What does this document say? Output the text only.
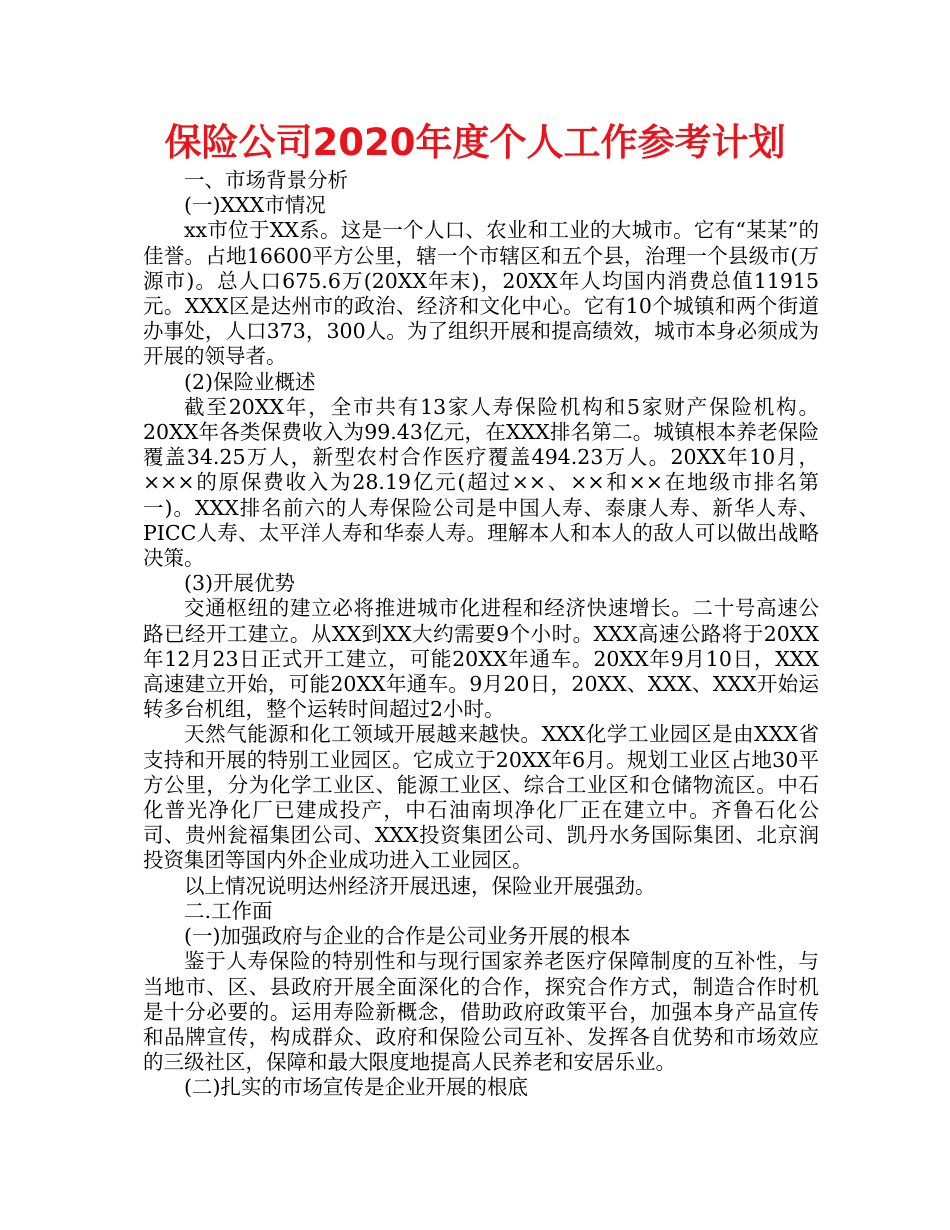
保险公司2020年度个人工作参考计划

一、市场背景分析

(一)XXX市情况

xx市位于XX系。这是一个人口、农业和工业的大城市。它有“某某”的佳誉。占地16600平方公里，辖一个市辖区和五个县，治理一个县级市(万源市)。总人口675.6万(20XX年末)，20XX年人均国内消费总值11915元。XXX区是达州市的政治、经济和文化中心。它有10个城镇和两个街道办事处，人口373，300人。为了组织开展和提高绩效，城市本身必须成为开展的领导者。

(2)保险业概述

截至20XX年，全市共有13家人寿保险机构和5家财产保险机构。20XX年各类保费收入为99.43亿元，在XXX排名第二。城镇根本养老保险覆盖34.25万人，新型农村合作医疗覆盖494.23万人。20XX年10月，×××的原保费收入为28.19亿元(超过××、××和××在地级市排名第一)。XXX排名前六的人寿保险公司是中国人寿、泰康人寿、新华人寿、PICC人寿、太平洋人寿和华泰人寿。理解本人和本人的敌人可以做出战略决策。

(3)开展优势

交通枢纽的建立必将推进城市化进程和经济快速增长。二十号高速公路已经开工建立。从XX到XX大约需要9个小时。XXX高速公路将于20XX年12月23日正式开工建立，可能20XX年通车。20XX年9月10日，XXX高速建立开始，可能20XX年通车。9月20日，20XX、XXX、XXX开始运转多台机组，整个运转时间超过2小时。

天然气能源和化工领域开展越来越快。XXX化学工业园区是由XXX省支持和开展的特别工业园区。它成立于20XX年6月。规划工业区占地30平方公里，分为化学工业区、能源工业区、综合工业区和仓储物流区。中石化普光净化厂已建成投产，中石油南坝净化厂正在建立中。齐鲁石化公司、贵州瓮福集团公司、XXX投资集团公司、凯丹水务国际集团、北京润投资集团等国内外企业成功进入工业园区。

以上情况说明达州经济开展迅速，保险业开展强劲。

二.工作面

(一)加强政府与企业的合作是公司业务开展的根本

鉴于人寿保险的特别性和与现行国家养老医疗保障制度的互补性，与当地市、区、县政府开展全面深化的合作，探究合作方式，制造合作时机是十分必要的。运用寿险新概念，借助政府政策平台，加强本身产品宣传和品牌宣传，构成群众、政府和保险公司互补、发挥各自优势和市场效应的三级社区，保障和最大限度地提高人民养老和安居乐业。

(二)扎实的市场宣传是企业开展的根底
